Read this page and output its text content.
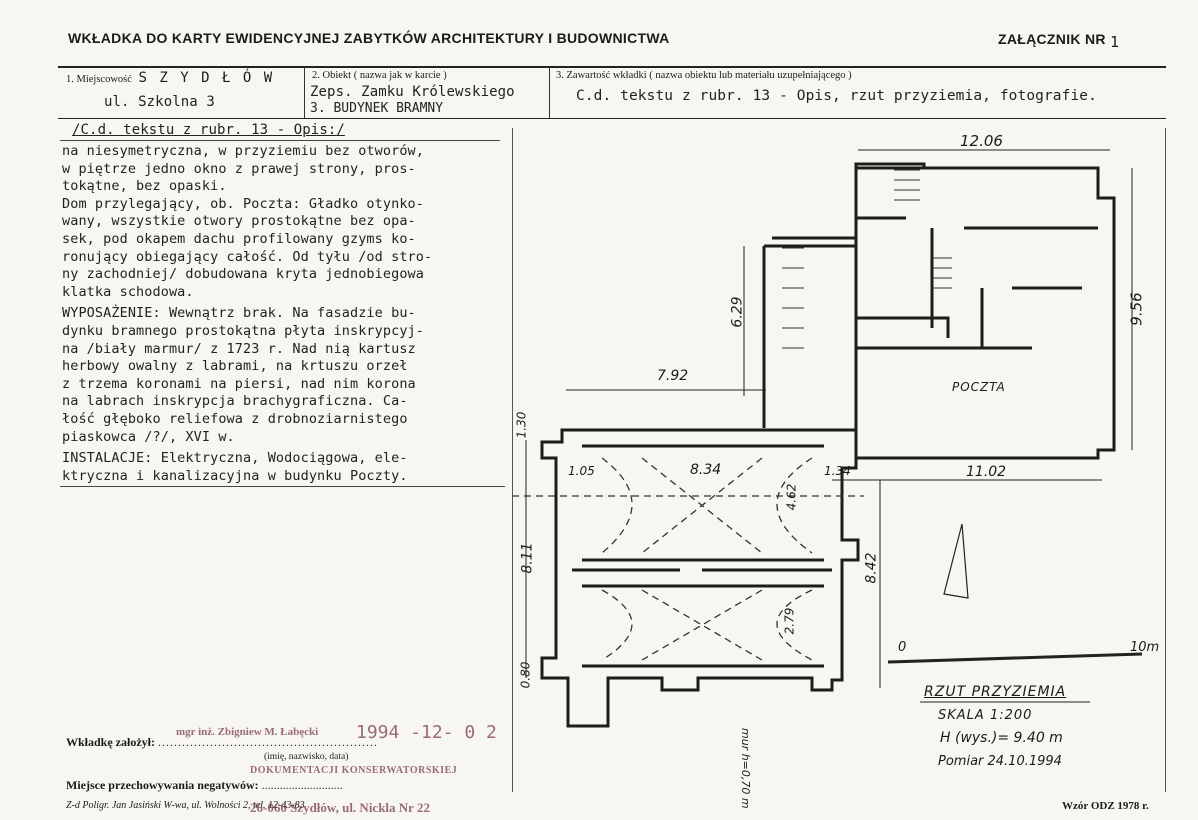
WKŁADKA DO KARTY EWIDENCYJNEJ ZABYTKÓW ARCHITEKTURY I BUDOWNICTWA	ZAŁĄCZNIK NR 1
1. Miejscowość S Z Y D Ł Ó W
ul. Szkolna 3
2. Obiekt ( nazwa jak w karcie )
Zeps. Zamku Królewskiego
3. BUDYNEK BRAMNY
3. Zawartość wkładki ( nazwa obiektu lub materiału uzupełniającego )
C.d. tekstu z rubr. 13 - Opis, rzut przyziemia, fotografie.
/C.d. tekstu z rubr. 13 - Opis:/
na niesymetryczna, w przyziemiu bez otworów,
w piętrze jedno okno z prawej strony, pros-
tokątne, bez opaski.
Dom przylegający, ob. Poczta: Gładko otynko-
wany, wszystkie otwory prostokątne bez opa-
sek, pod okapem dachu profilowany gzyms ko-
ronujący obiegający całość. Od tyłu /od stro-
ny zachodniej/ dobudowana kryta jednobiegowa
klatka schodowa.
WYPOSAŻENIE: Wewnątrz brak. Na fasadzie bu-
dynku bramnego prostokątna płyta inskrypcyj-
na /biały marmur/ z 1723 r. Nad nią kartusz
herbowy owalny z labrami, na krtuszu orzeł
z trzema koronami na piersi, nad nim korona
na labrach inskrypcja brachygraficzna. Ca-
łość głęboko reliefowa z drobnoziarnistego
piaskowca /?/, XVI w.
INSTALACJE: Elektryczna, Wodociągowa, ele-
ktryczna i kanalizacyjna w budynku Poczty.
12.06
9.56
6.29
7.92
1.30
1.05	8.34	1.34	11.02
4.62
8.11	8.42
2.79
0.80
POCZTA
0	10m
RZUT PRZYZIEMIA
SKALA 1:200
H (wys.)= 9.40 m
Pomiar 24.10.1994
mur h=0,70 m
Wkładkę założył: .......................................................
mgr inż. Zbigniew M. Łabęcki 1994 -12- 0 2
(imię, nazwisko, data)
Miejsce przechowywania negatywów: ...........................
DOKUMENTACJI KONSERWATORSKIEJ
Z-d Poligr. Jan Jasiński W-wa, ul. Wolności 2, tel. 12-43-83
26-060 Szydłów, ul. Nickla Nr 22	Wzór ODZ 1978 r.
